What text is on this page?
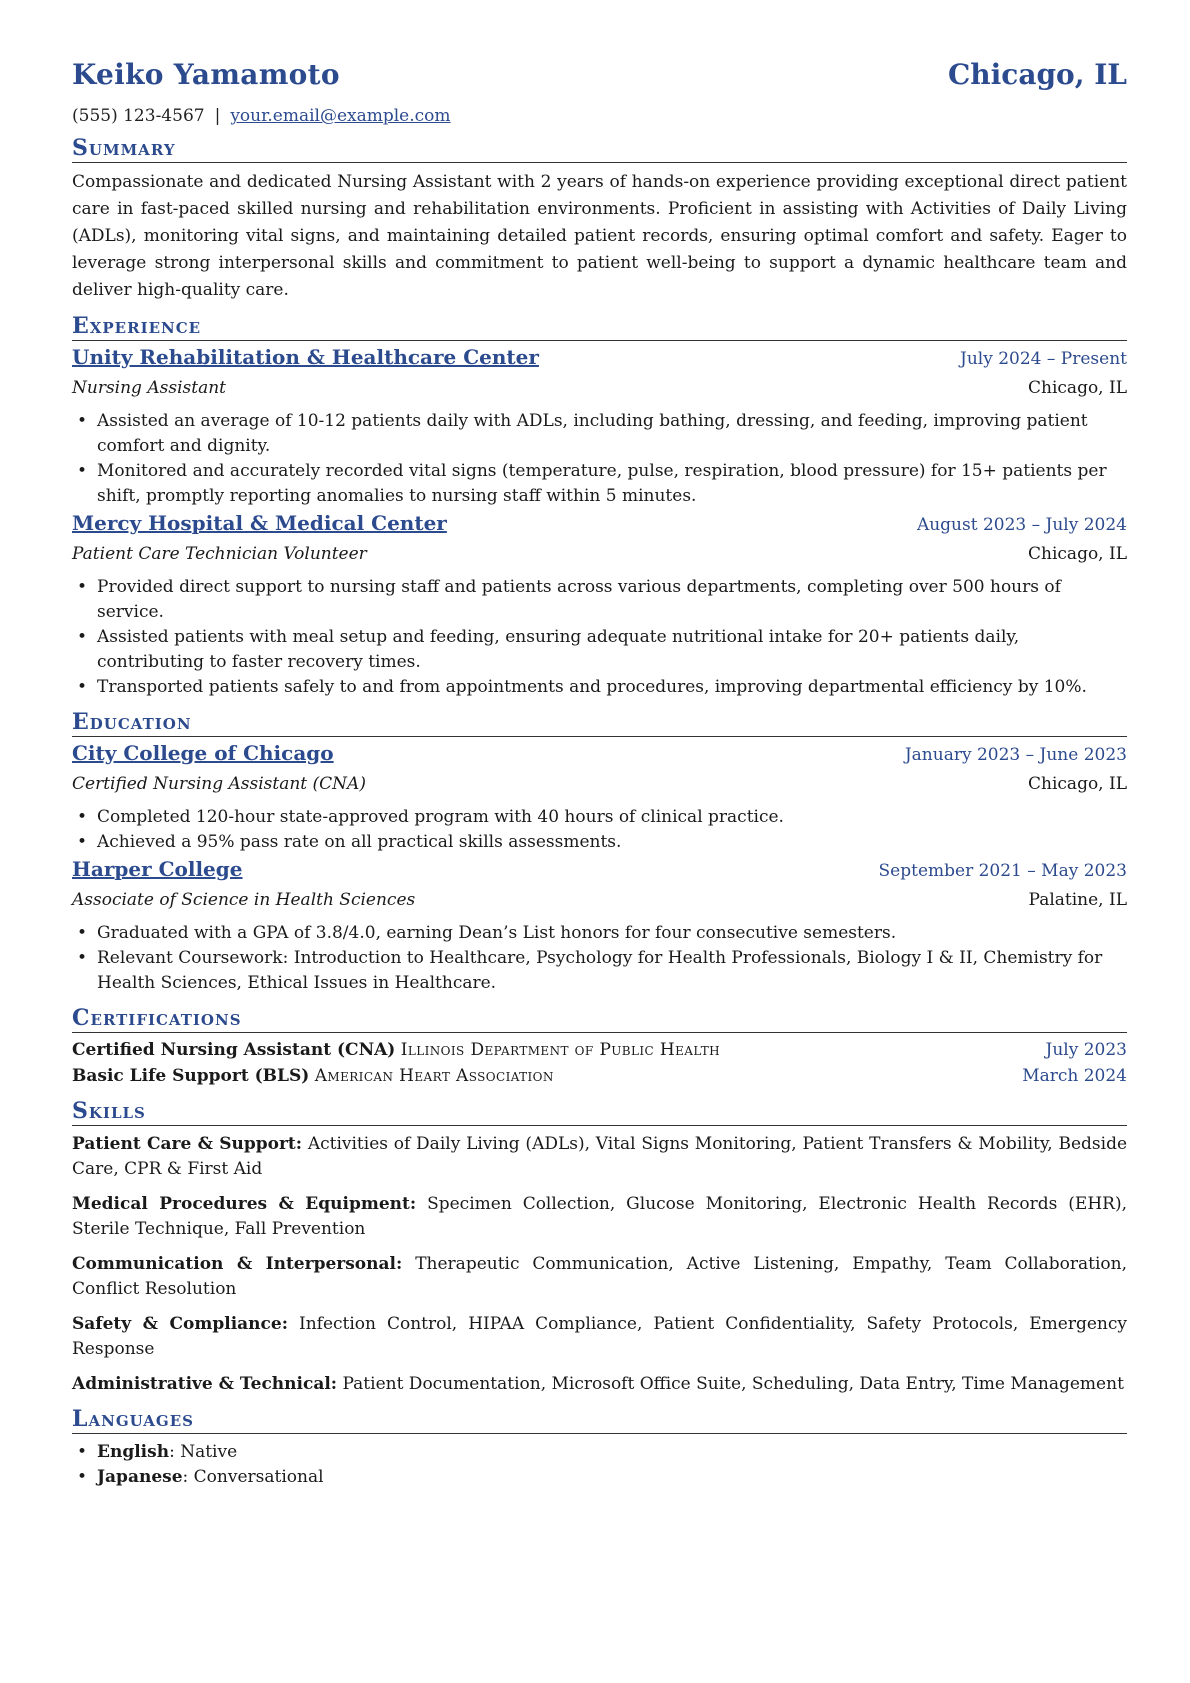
Keiko Yamamoto	Chicago, IL
(555) 123-4567 | your.email@example.com
Summary

Compassionate and dedicated Nursing Assistant with 2 years of hands-on experience providing exceptional direct patient care in fast-paced skilled nursing and rehabilitation environments. Proficient in assisting with Activities of Daily Living (ADLs), monitoring vital signs, and maintaining detailed patient records, ensuring optimal comfort and safety. Eager to leverage strong interpersonal skills and commitment to patient well-being to support a dynamic healthcare team and deliver high-quality care.

Experience
Unity Rehabilitation & Healthcare Center	July 2024 – Present
Nursing Assistant	Chicago, IL
• Assisted an average of 10-12 patients daily with ADLs, including bathing, dressing, and feeding, improving patient comfort and dignity.
• Monitored and accurately recorded vital signs (temperature, pulse, respiration, blood pressure) for 15+ patients per shift, promptly reporting anomalies to nursing staff within 5 minutes.
Mercy Hospital & Medical Center	August 2023 – July 2024
Patient Care Technician Volunteer	Chicago, IL
• Provided direct support to nursing staff and patients across various departments, completing over 500 hours of service.
• Assisted patients with meal setup and feeding, ensuring adequate nutritional intake for 20+ patients daily, contributing to faster recovery times.
• Transported patients safely to and from appointments and procedures, improving departmental efficiency by 10%.
Education
City College of Chicago	January 2023 – June 2023
Certified Nursing Assistant (CNA)	Chicago, IL
• Completed 120-hour state-approved program with 40 hours of clinical practice.
• Achieved a 95% pass rate on all practical skills assessments.
Harper College	September 2021 – May 2023
Associate of Science in Health Sciences	Palatine, IL
• Graduated with a GPA of 3.8/4.0, earning Dean’s List honors for four consecutive semesters.
• Relevant Coursework: Introduction to Healthcare, Psychology for Health Professionals, Biology I & II, Chemistry for Health Sciences, Ethical Issues in Healthcare.
Certifications
Certified Nursing Assistant (CNA) Illinois Department of Public Health	July 2023
Basic Life Support (BLS) American Heart Association	March 2024
Skills
Patient Care & Support: Activities of Daily Living (ADLs), Vital Signs Monitoring, Patient Transfers & Mobility, Bedside Care, CPR & First Aid
Medical Procedures & Equipment: Specimen Collection, Glucose Monitoring, Electronic Health Records (EHR), Sterile Technique, Fall Prevention
Communication & Interpersonal: Therapeutic Communication, Active Listening, Empathy, Team Collaboration, Conflict Resolution
Safety & Compliance: Infection Control, HIPAA Compliance, Patient Confidentiality, Safety Protocols, Emergency Response
Administrative & Technical: Patient Documentation, Microsoft Office Suite, Scheduling, Data Entry, Time Management
Languages
• English: Native
• Japanese: Conversational
